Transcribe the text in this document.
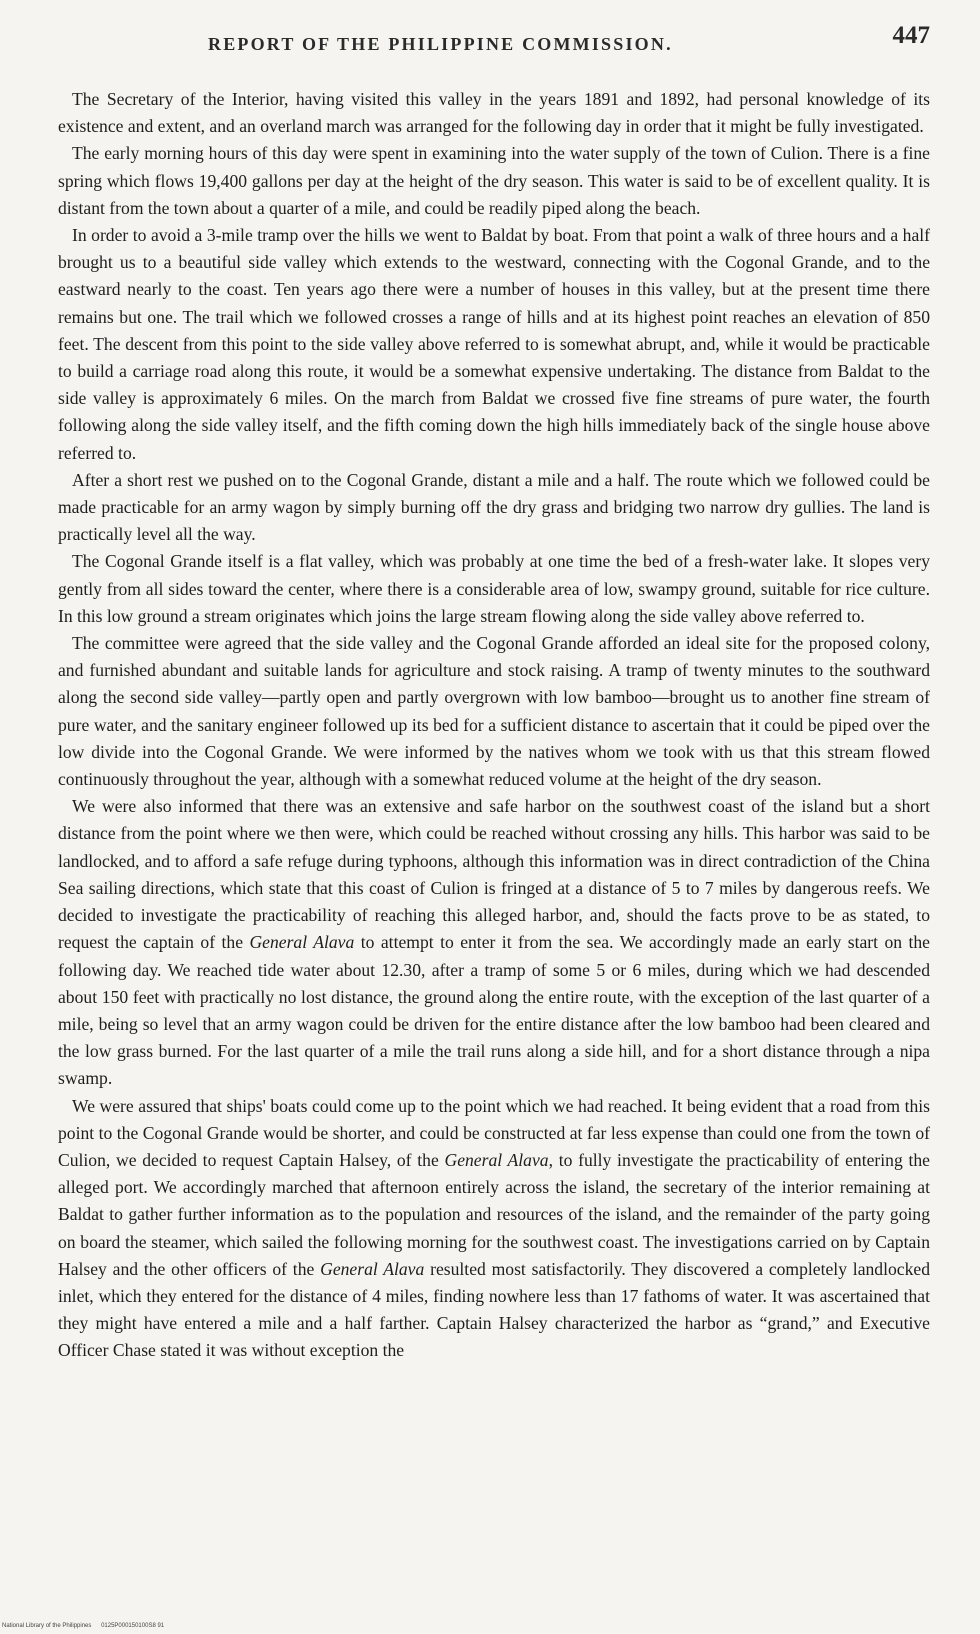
REPORT OF THE PHILIPPINE COMMISSION.	447

The Secretary of the Interior, having visited this valley in the years 1891 and 1892, had personal knowledge of its existence and extent, and an overland march was arranged for the following day in order that it might be fully investigated.

The early morning hours of this day were spent in examining into the water supply of the town of Culion. There is a fine spring which flows 19,400 gallons per day at the height of the dry season. This water is said to be of excellent quality. It is distant from the town about a quarter of a mile, and could be readily piped along the beach.

In order to avoid a 3-mile tramp over the hills we went to Baldat by boat. From that point a walk of three hours and a half brought us to a beautiful side valley which extends to the westward, connecting with the Cogonal Grande, and to the eastward nearly to the coast. Ten years ago there were a number of houses in this valley, but at the present time there remains but one. The trail which we followed crosses a range of hills and at its highest point reaches an elevation of 850 feet. The descent from this point to the side valley above referred to is somewhat abrupt, and, while it would be practicable to build a carriage road along this route, it would be a somewhat expensive undertaking. The distance from Baldat to the side valley is approximately 6 miles. On the march from Baldat we crossed five fine streams of pure water, the fourth following along the side valley itself, and the fifth coming down the high hills immediately back of the single house above referred to.

After a short rest we pushed on to the Cogonal Grande, distant a mile and a half. The route which we followed could be made practicable for an army wagon by simply burning off the dry grass and bridging two narrow dry gullies. The land is practically level all the way.

The Cogonal Grande itself is a flat valley, which was probably at one time the bed of a fresh-water lake. It slopes very gently from all sides toward the center, where there is a considerable area of low, swampy ground, suitable for rice culture. In this low ground a stream originates which joins the large stream flowing along the side valley above referred to.

The committee were agreed that the side valley and the Cogonal Grande afforded an ideal site for the proposed colony, and furnished abundant and suitable lands for agriculture and stock raising. A tramp of twenty minutes to the southward along the second side valley—partly open and partly overgrown with low bamboo—brought us to another fine stream of pure water, and the sanitary engineer followed up its bed for a sufficient distance to ascertain that it could be piped over the low divide into the Cogonal Grande. We were informed by the natives whom we took with us that this stream flowed continuously throughout the year, although with a somewhat reduced volume at the height of the dry season.

We were also informed that there was an extensive and safe harbor on the southwest coast of the island but a short distance from the point where we then were, which could be reached without crossing any hills. This harbor was said to be landlocked, and to afford a safe refuge during typhoons, although this information was in direct contradiction of the China Sea sailing directions, which state that this coast of Culion is fringed at a distance of 5 to 7 miles by dangerous reefs. We decided to investigate the practicability of reaching this alleged harbor, and, should the facts prove to be as stated, to request the captain of the General Alava to attempt to enter it from the sea. We accordingly made an early start on the following day. We reached tide water about 12.30, after a tramp of some 5 or 6 miles, during which we had descended about 150 feet with practically no lost distance, the ground along the entire route, with the exception of the last quarter of a mile, being so level that an army wagon could be driven for the entire distance after the low bamboo had been cleared and the low grass burned. For the last quarter of a mile the trail runs along a side hill, and for a short distance through a nipa swamp.

We were assured that ships' boats could come up to the point which we had reached. It being evident that a road from this point to the Cogonal Grande would be shorter, and could be constructed at far less expense than could one from the town of Culion, we decided to request Captain Halsey, of the General Alava, to fully investigate the practicability of entering the alleged port. We accordingly marched that afternoon entirely across the island, the secretary of the interior remaining at Baldat to gather further information as to the population and resources of the island, and the remainder of the party going on board the steamer, which sailed the following morning for the southwest coast. The investigations carried on by Captain Halsey and the other officers of the General Alava resulted most satisfactorily. They discovered a completely landlocked inlet, which they entered for the distance of 4 miles, finding nowhere less than 17 fathoms of water. It was ascertained that they might have entered a mile and a half farther. Captain Halsey characterized the harbor as “grand,” and Executive Officer Chase stated it was without exception the

National Library of the Philippines 0125P000150100S8 91
